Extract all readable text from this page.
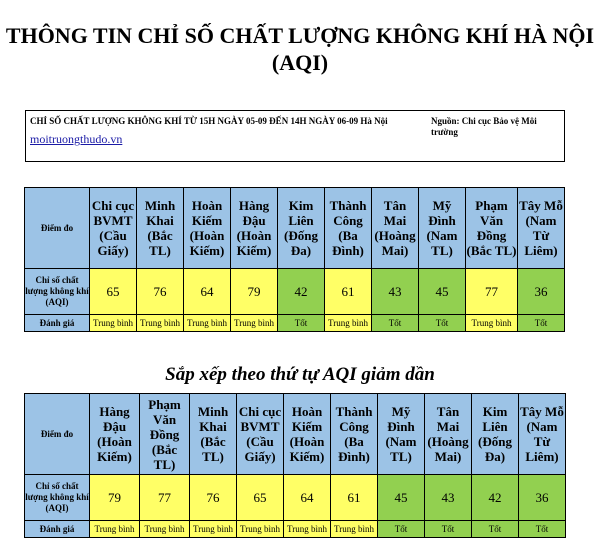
THÔNG TIN CHỈ SỐ CHẤT LƯỢNG KHÔNG KHÍ HÀ NỘI (AQI)
CHỈ SỐ CHẤT LƯỢNG KHÔNG KHÍ TỪ 15H NGÀY 05-09 ĐẾN 14H NGÀY 06-09 Hà Nội	Nguồn: Chi cục Bảo vệ Môi trường
moitruongthudo.vn
Điểm đo	Chi cục BVMT (Cầu Giấy)	Minh Khai (Bắc TL)	Hoàn Kiếm (Hoàn Kiếm)	Hàng Đậu (Hoàn Kiếm)	Kim Liên (Đống Đa)	Thành Công (Ba Đình)	Tân Mai (Hoàng Mai)	Mỹ Đình (Nam TL)	Phạm Văn Đồng (Bắc TL)	Tây Mỗ (Nam Từ Liêm)
Chỉ số chất lượng không khí (AQI)	65	76	64	79	42	61	43	45	77	36
Đánh giá	Trung bình	Trung bình	Trung bình	Trung bình	Tốt	Trung bình	Tốt	Tốt	Trung bình	Tốt
Sắp xếp theo thứ tự AQI giảm dần
Điểm đo	Hàng Đậu (Hoàn Kiếm)	Phạm Văn Đồng (Bắc TL)	Minh Khai (Bắc TL)	Chi cục BVMT (Cầu Giấy)	Hoàn Kiếm (Hoàn Kiếm)	Thành Công (Ba Đình)	Mỹ Đình (Nam TL)	Tân Mai (Hoàng Mai)	Kim Liên (Đống Đa)	Tây Mỗ (Nam Từ Liêm)
Chỉ số chất lượng không khí (AQI)	79	77	76	65	64	61	45	43	42	36
Đánh giá	Trung bình	Trung bình	Trung bình	Trung bình	Trung bình	Trung bình	Tốt	Tốt	Tốt	Tốt
